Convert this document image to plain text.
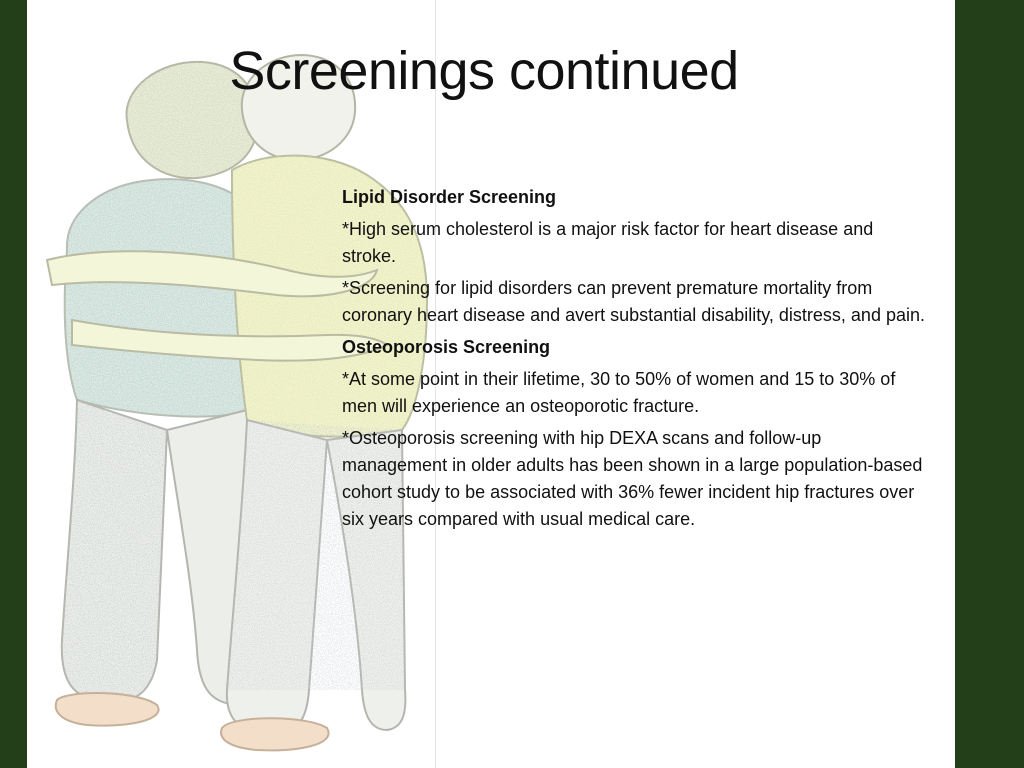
Screenings continued

Lipid Disorder Screening

*High serum cholesterol is a major risk factor for heart disease and stroke.

*Screening for lipid disorders can prevent premature mortality from coronary heart disease and avert substantial disability, distress, and pain.

Osteoporosis Screening

*At some point in their lifetime, 30 to 50% of women and 15 to 30% of men will experience an osteoporotic fracture.

*Osteoporosis screening with hip DEXA scans and follow-up management in older adults has been shown in a large population-based cohort study to be associated with 36% fewer incident hip fractures over six years compared with usual medical care.
